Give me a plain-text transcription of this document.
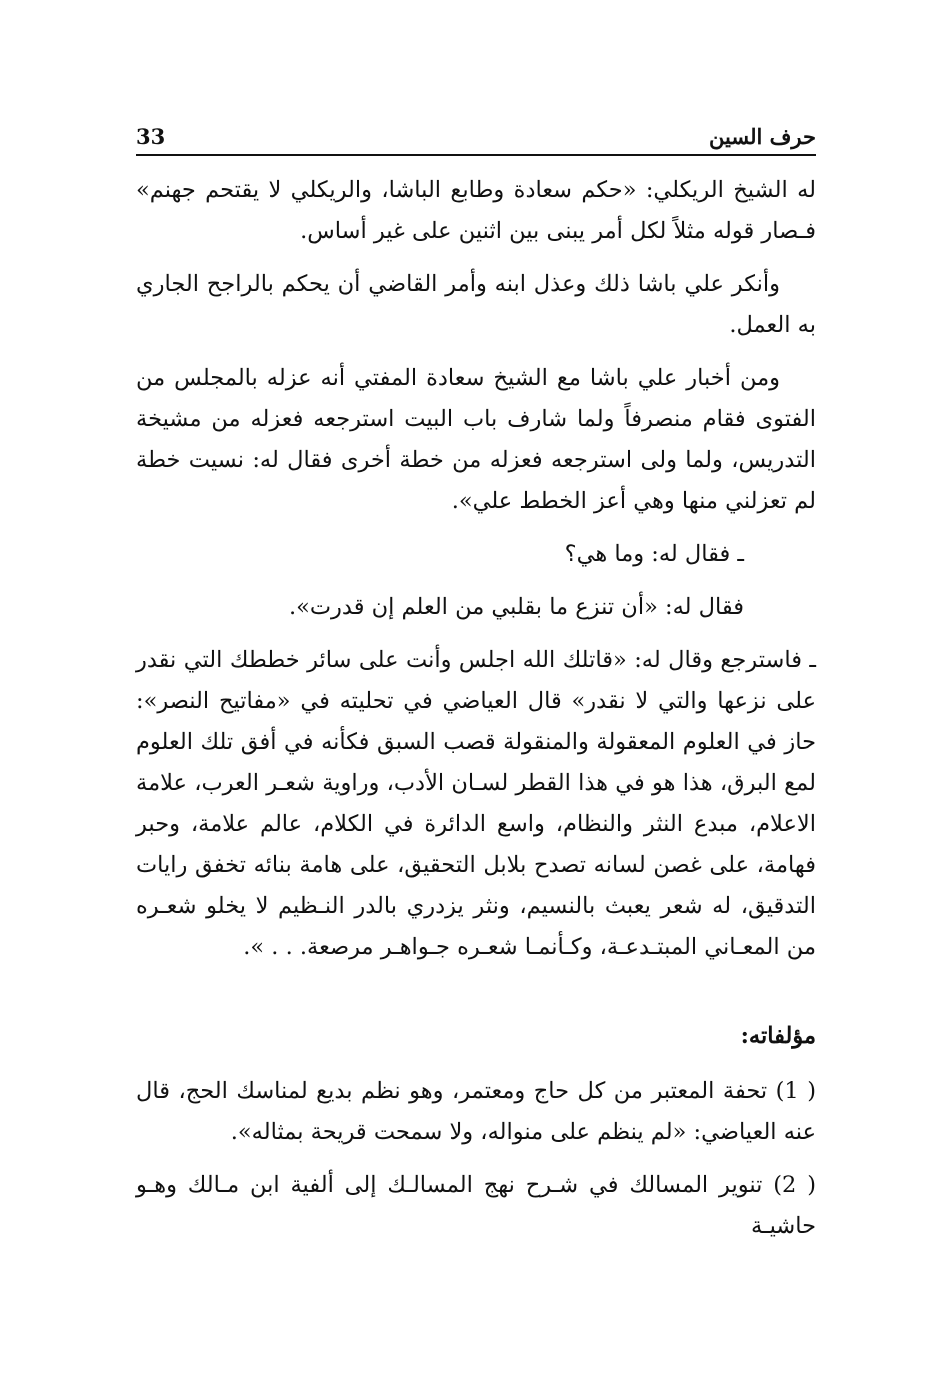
حرف السين
33

له الشيخ الريكلي: «حكم سعادة وطابع الباشا، والريكلي لا يقتحم جهنم» فـصار قوله مثلاً لكل أمر يبنى بين اثنين على غير أساس.

وأنكر علي باشا ذلك وعذل ابنه وأمر القاضي أن يحكم بالراجح الجاري به العمل.

ومن أخبار علي باشا مع الشيخ سعادة المفتي أنه عزله بالمجلس من الفتوى فقام منصرفاً ولما شارف باب البيت استرجعه فعزله من مشيخة التدريس، ولما ولى استرجعه فعزله من خطة أخرى فقال له: نسيت خطة لم تعزلني منها وهي أعز الخطط علي».

ـ فقال له: وما هي؟

فقال له: «أن تنزع ما بقلبي من العلم إن قدرت».

ـ فاسترجع وقال له: «قاتلك الله اجلس وأنت على سائر خططك التي نقدر على نزعها والتي لا نقدر» قال العياضي في تحليته في «مفاتيح النصر»: حاز في العلوم المعقولة والمنقولة قصب السبق فكأنه في أفق تلك العلوم لمع البرق، هذا هو في هذا القطر لسـان الأدب، وراوية شعـر العرب، علامة الاعلام، مبدع النثر والنظام، واسع الدائرة في الكلام، عالم علامة، وحبر فهامة، على غصن لسانه تصدح بلابل التحقيق، على هامة بنائه تخفق رايات التدقيق، له شعر يعبث بالنسيم، ونثر يزدري بالدر النـظيم لا يخلو شعـره من المعـاني المبتـدعـة، وكـأنمـا شعـره جـواهـر مرصعة. . . ».

مؤلفاته:
(1 ) تحفة المعتبر من كل حاج ومعتمر، وهو نظم بديع لمناسك الحج، قال عنه العياضي: «لم ينظم على منواله، ولا سمحت قريحة بمثاله».
(2 ) تنوير المسالك في شـرح نهج المسالـك إلى ألفية ابن مـالك وهـو حاشيـة
